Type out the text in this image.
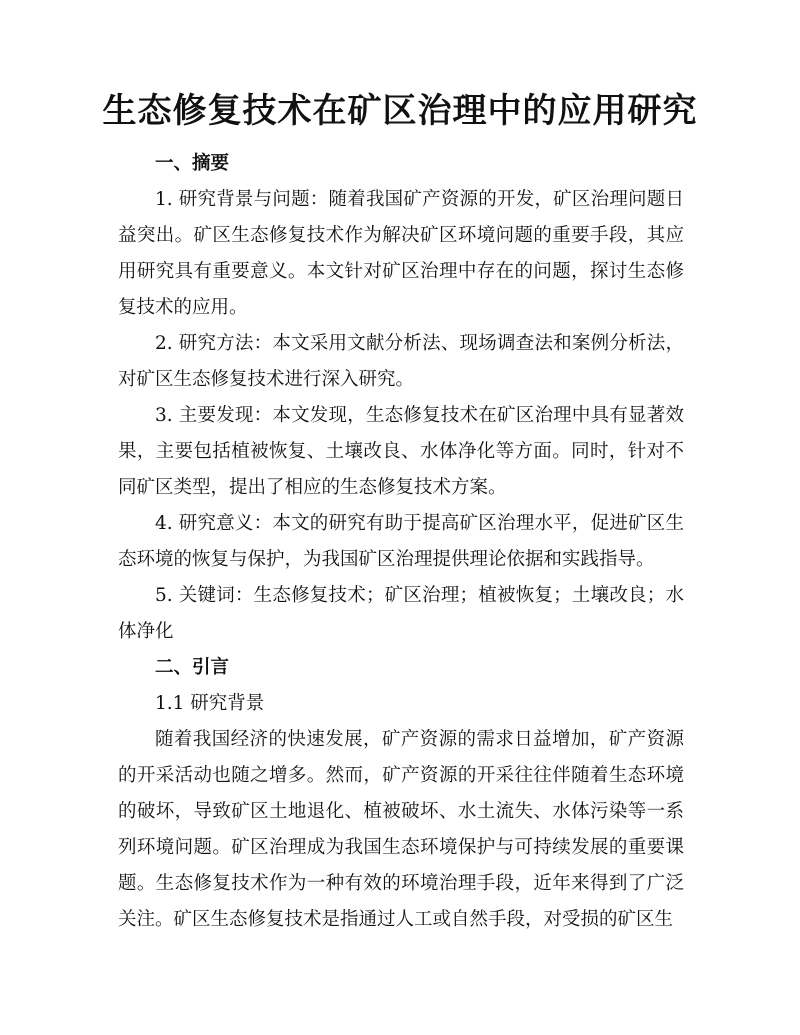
生态修复技术在矿区治理中的应用研究
一、摘要
1. 研究背景与问题：随着我国矿产资源的开发，矿区治理问题日益突出。矿区生态修复技术作为解决矿区环境问题的重要手段，其应用研究具有重要意义。本文针对矿区治理中存在的问题，探讨生态修复技术的应用。
2. 研究方法：本文采用文献分析法、现场调查法和案例分析法，对矿区生态修复技术进行深入研究。
3. 主要发现：本文发现，生态修复技术在矿区治理中具有显著效果，主要包括植被恢复、土壤改良、水体净化等方面。同时，针对不同矿区类型，提出了相应的生态修复技术方案。
4. 研究意义：本文的研究有助于提高矿区治理水平，促进矿区生态环境的恢复与保护，为我国矿区治理提供理论依据和实践指导。
5. 关键词：生态修复技术；矿区治理；植被恢复；土壤改良；水体净化
二、引言
1.1 研究背景
随着我国经济的快速发展，矿产资源的需求日益增加，矿产资源的开采活动也随之增多。然而，矿产资源的开采往往伴随着生态环境的破坏，导致矿区土地退化、植被破坏、水土流失、水体污染等一系列环境问题。矿区治理成为我国生态环境保护与可持续发展的重要课题。生态修复技术作为一种有效的环境治理手段，近年来得到了广泛关注。矿区生态修复技术是指通过人工或自然手段，对受损的矿区生
